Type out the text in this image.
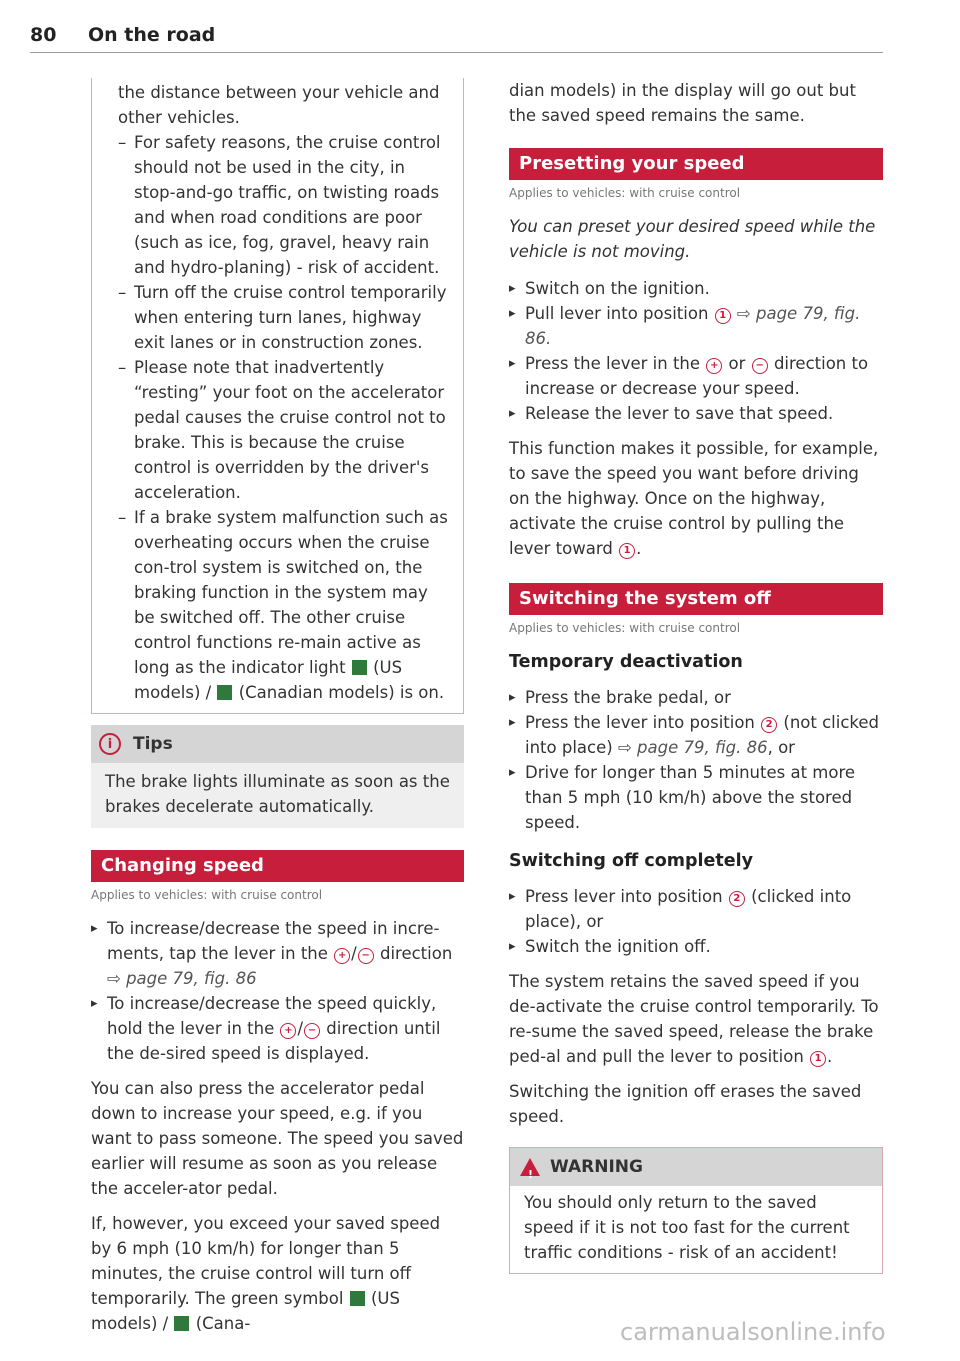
80 On the road
the distance between your vehicle and other vehicles.
– For safety reasons, the cruise control should not be used in the city, in stop-and-go traffic, on twisting roads and when road conditions are poor (such as ice, fog, gravel, heavy rain and hydro-planing) - risk of accident.
– Turn off the cruise control temporarily when entering turn lanes, highway exit lanes or in construction zones.
– Please note that inadvertently “resting” your foot on the accelerator pedal causes the cruise control not to brake. This is because the cruise control is overridden by the driver's acceleration.
– If a brake system malfunction such as overheating occurs when the cruise con-trol system is switched on, the braking function in the system may be switched off. The other cruise control functions re-main active as long as the indicator light (US models) / (Canadian models) is on.
i	Tips
The brake lights illuminate as soon as the brakes decelerate automatically.
Changing speed
Applies to vehicles: with cruise control
▸ To increase/decrease the speed in incre-ments, tap the lever in the + / − direction ⇨ page 79, fig. 86
▸ To increase/decrease the speed quickly, hold the lever in the + / − direction until the de-sired speed is displayed.
You can also press the accelerator pedal down to increase your speed, e.g. if you want to pass someone. The speed you saved earlier will resume as soon as you release the acceler-ator pedal.
If, however, you exceed your saved speed by 6 mph (10 km/h) for longer than 5 minutes, the cruise control will turn off temporarily. The green symbol (US models) / (Cana-
dian models) in the display will go out but the saved speed remains the same.
Presetting your speed
Applies to vehicles: with cruise control
You can preset your desired speed while the vehicle is not moving.
▸ Switch on the ignition.
▸ Pull lever into position 1 ⇨ page 79, fig. 86.
▸ Press the lever in the + or − direction to increase or decrease your speed.
▸ Release the lever to save that speed.
This function makes it possible, for example, to save the speed you want before driving on the highway. Once on the highway, activate the cruise control by pulling the lever toward 1 .
Switching the system off
Applies to vehicles: with cruise control
Temporary deactivation
▸ Press the brake pedal, or
▸ Press the lever into position 2 (not clicked into place) ⇨ page 79, fig. 86, or
▸ Drive for longer than 5 minutes at more than 5 mph (10 km/h) above the stored speed.
Switching off completely
▸ Press lever into position 2 (clicked into place), or
▸ Switch the ignition off.
The system retains the saved speed if you de-activate the cruise control temporarily. To re-sume the saved speed, release the brake ped-al and pull the lever to position 1 .
Switching the ignition off erases the saved speed.
! WARNING
You should only return to the saved speed if it is not too fast for the current traffic conditions - risk of an accident!
carmanualsonline.info
